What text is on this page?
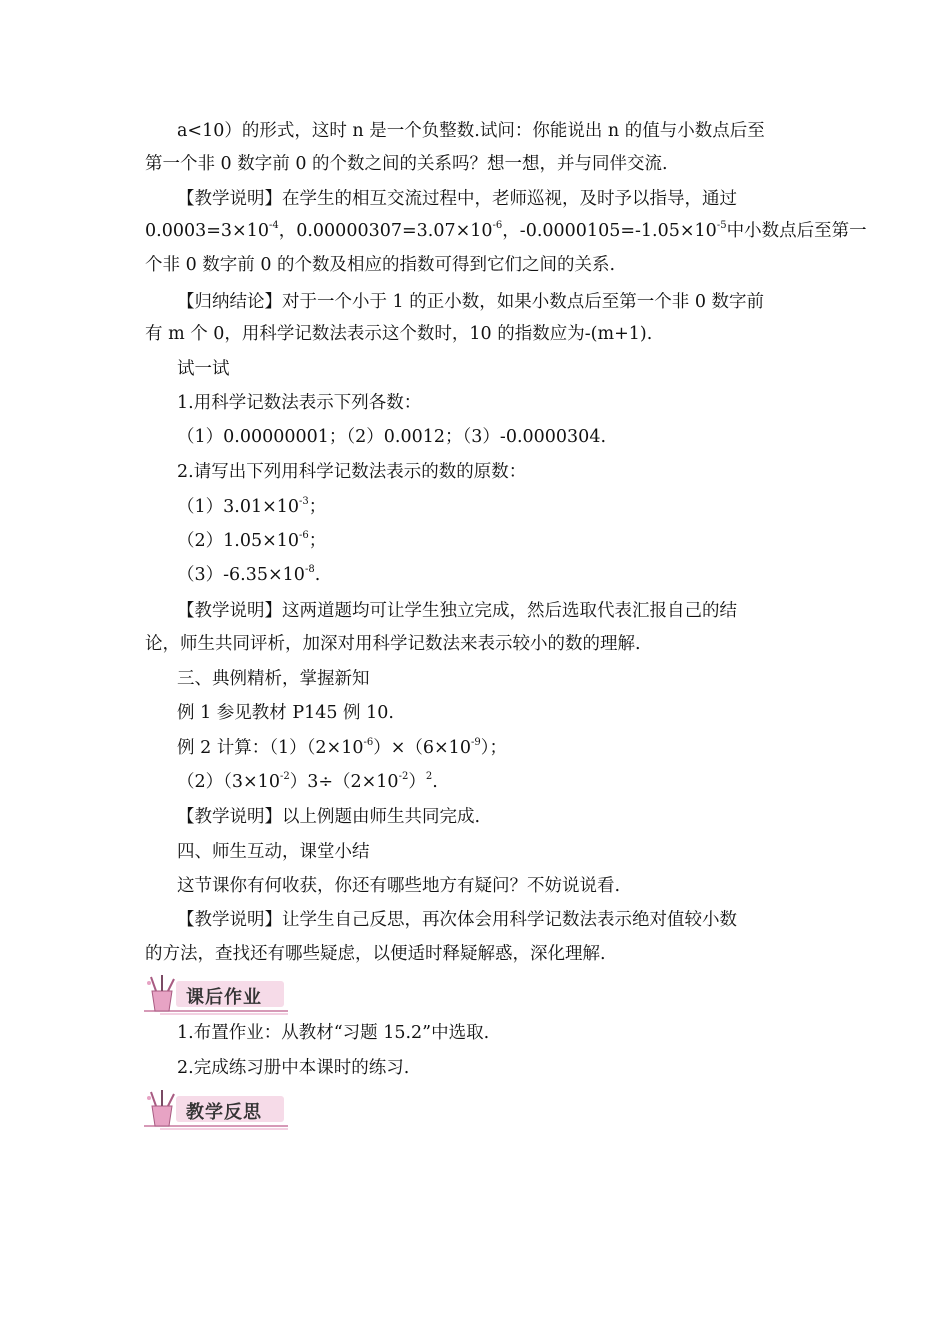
a<10）的形式，这时 n 是一个负整数.试问：你能说出 n 的值与小数点后至
第一个非 0 数字前 0 的个数之间的关系吗？想一想，并与同伴交流.
【教学说明】在学生的相互交流过程中，老师巡视，及时予以指导，通过
$0.0003=3\times 10^{-4}$，$0.00000307=3.07\times 10^{-6}$，$-0.0000105=-1.05\times 10^{-5}$中小数点后至第一
个非 0 数字前 0 的个数及相应的指数可得到它们之间的关系.
【归纳结论】对于一个小于 1 的正小数，如果小数点后至第一个非 0 数字前
有 m 个 0，用科学记数法表示这个数时，10 的指数应为-(m+1).
试一试
1.用科学记数法表示下列各数：
（1）0.00000001；（2）0.0012；（3）-0.0000304.
2.请写出下列用科学记数法表示的数的原数：
$(1)3.01\times 10^{-3}$；
$(2)1.05\times 10^{-6}$；
$(3)-6.35\times 10^{-8}$.
【教学说明】这两道题均可让学生独立完成，然后选取代表汇报自己的结
论，师生共同评析，加深对用科学记数法来表示较小的数的理解.
三、典例精析，掌握新知
例 1 参见教材 P145 例 10.
例 2 计算：$(1)(2\times 10^{-6})\times(6\times 10^{-9})$；
$(2)(3\times 10^{-2})3\div(2\times 10^{-2})^2$.
【教学说明】以上例题由师生共同完成.
四、师生互动，课堂小结
这节课你有何收获，你还有哪些地方有疑问？不妨说说看.
【教学说明】让学生自己反思，再次体会用科学记数法表示绝对值较小数
的方法，查找还有哪些疑虑，以便适时释疑解惑，深化理解.
课后作业
1.布置作业：从教材“习题 15.2”中选取.
2.完成练习册中本课时的练习.
教学反思
